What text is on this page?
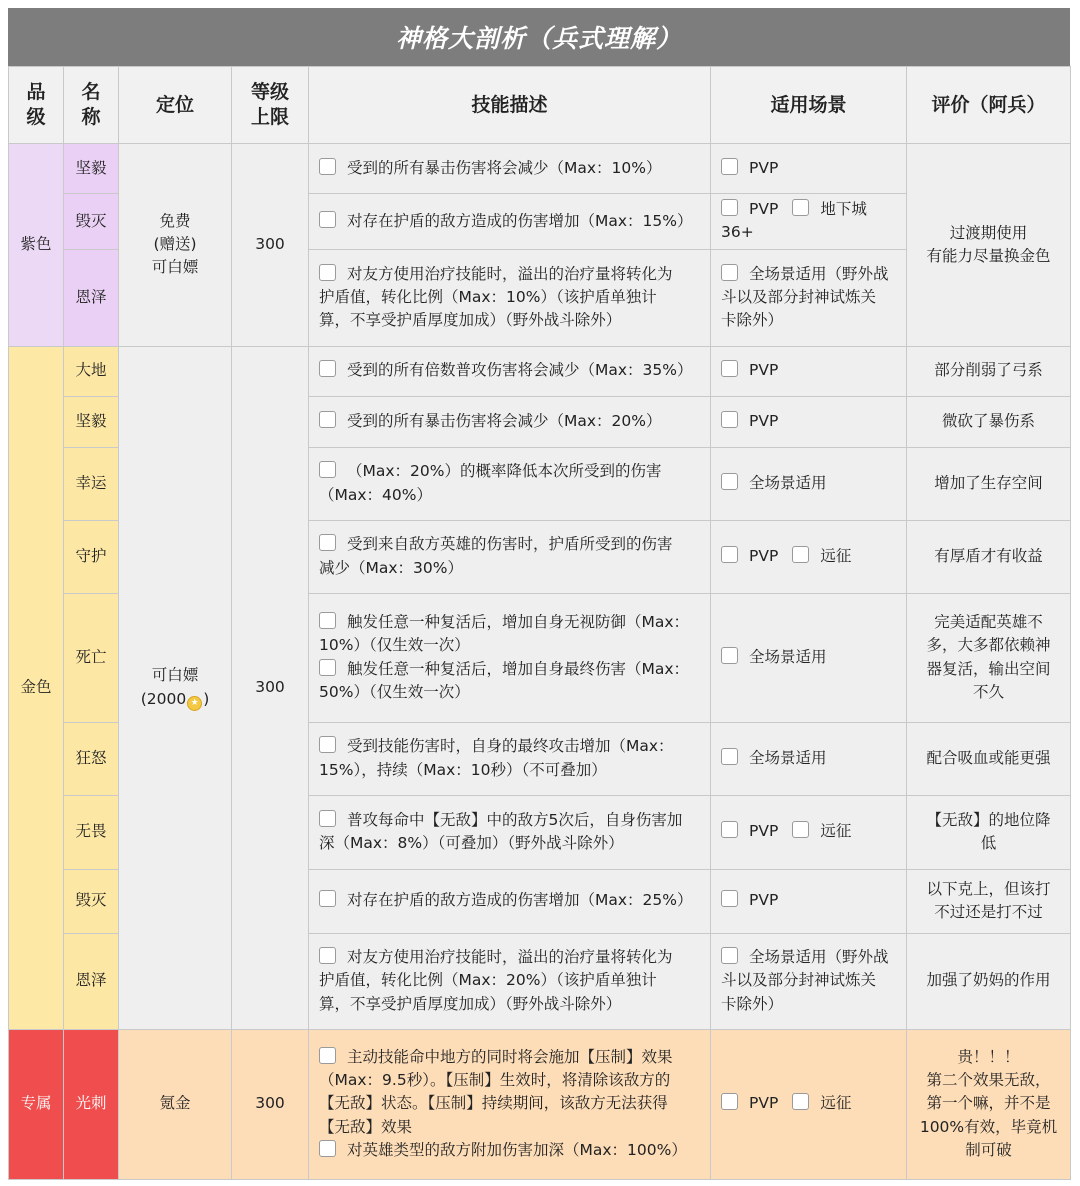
神格大剖析（兵式理解）
品
级	名
称	定位	等级
上限	技能描述	适用场景	评价（阿兵）
紫色	坚毅	免费
(赠送)
可白嫖	300	受到的所有暴击伤害将会减少（Max：10%）	PVP	过渡期使用
有能力尽量换金色

	毁灭			对存在护盾的敌方造成的伤害增加（Max：15%）	PVP 地下城36+	

	恩泽			对友方使用治疗技能时，溢出的治疗量将转化为
护盾值，转化比例（Max：10%）（该护盾单独计
算，不享受护盾厚度加成）（野外战斗除外）	全场景适用（野外战
斗以及部分封神试炼关
卡除外）	

金色	大地	可白嫖
(2000 ★ )	300	受到的所有倍数普攻伤害将会减少（Max：35%）	PVP	部分削弱了弓系

	坚毅			受到的所有暴击伤害将会减少（Max：20%）	PVP	微砍了暴伤系

	幸运			（Max：20%）的概率降低本次所受到的伤害
（Max：40%）	全场景适用	增加了生存空间

	守护			受到来自敌方英雄的伤害时，护盾所受到的伤害
减少（Max：30%）	PVP 远征	有厚盾才有收益

	死亡			触发任意一种复活后，增加自身无视防御（Max：
10%）（仅生效一次）
触发任意一种复活后，增加自身最终伤害（Max：
50%）（仅生效一次）	全场景适用	完美适配英雄不
多，大多都依赖神
器复活，输出空间
不久

	狂怒			受到技能伤害时，自身的最终攻击增加（Max：
15%），持续（Max：10秒）（不可叠加）	全场景适用	配合吸血或能更强

	无畏			普攻每命中【无敌】中的敌方5次后，自身伤害加
深（Max：8%）（可叠加）（野外战斗除外）	PVP 远征	【无敌】的地位降
低

	毁灭			对存在护盾的敌方造成的伤害增加（Max：25%）	PVP	以下克上，但该打
不过还是打不过

	恩泽			对友方使用治疗技能时，溢出的治疗量将转化为
护盾值，转化比例（Max：20%）（该护盾单独计
算，不享受护盾厚度加成）（野外战斗除外）	全场景适用（野外战
斗以及部分封神试炼关
卡除外）	加强了奶妈的作用

专属	光刺	氪金	300	主动技能命中地方的同时将会施加【压制】效果
（Max：9.5秒）。【压制】生效时，将清除该敌方的
【无敌】状态。【压制】持续期间，该敌方无法获得
【无敌】效果
对英雄类型的敌方附加伤害加深（Max：100%）	PVP 远征	贵！！！
第二个效果无敌，
第一个嘛，并不是
100%有效，毕竟机
制可破
